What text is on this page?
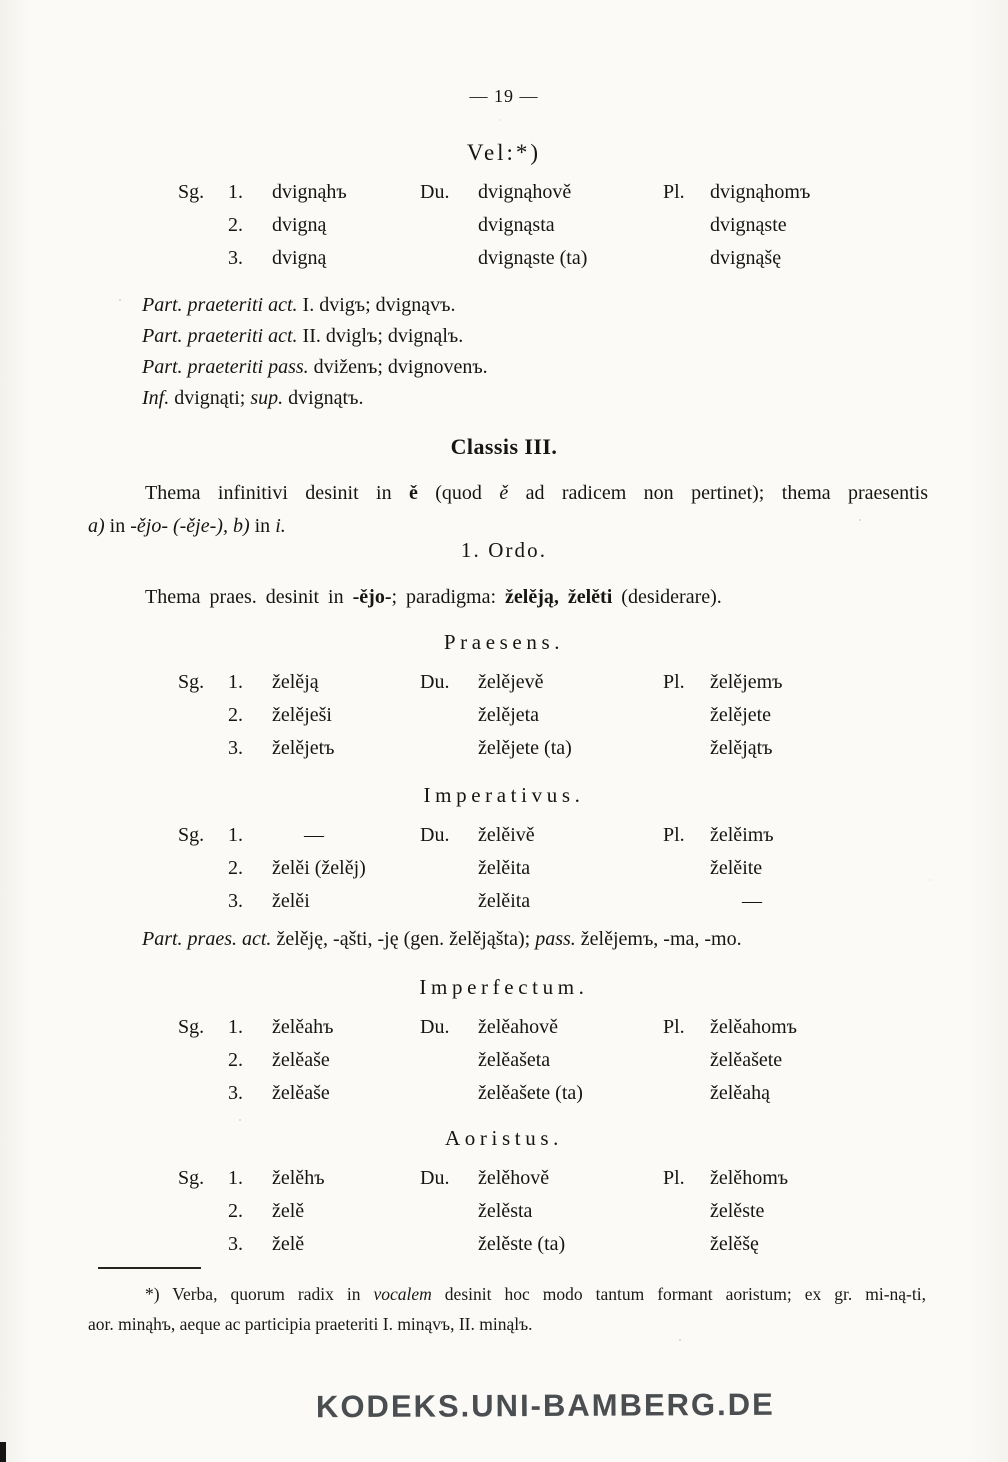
— 19 —
Vel:*)
Sg.	1.	dvignąhъ	Du.	dvignąhově	Pl.	dvignąhomъ
2.	dvigną	dvignąsta	dvignąste
3.	dvigną	dvignąste (ta)	dvignąšę
Part. praeteriti act. I. dvigъ; dvignąvъ.
Part. praeteriti act. II. dviglъ; dvignąlъ.
Part. praeteriti pass. dviženъ; dvignovenъ.
Inf. dvignąti; sup. dvignątъ.
Classis III.
Thema infinitivi desinit in ě (quod ě ad radicem non pertinet); thema praesentis
a) in -ějo- (-ěje-), b) in i.
1. Ordo.
Thema praes. desinit in -ějo-; paradigma: želěją, želěti (desiderare).
Praesens.
Sg.	1.	želěją	Du.	želějevě	Pl.	želějemъ
2.	želěješi	želějeta	želějete
3.	želějetъ	želějete (ta)	želějątъ
Imperativus.
Sg.	1.	—	Du.	želěivě	Pl.	želěimъ
2.	želěi (želěj)	želěita	želěite
3.	želěi	želěita	—
Part. praes. act. želěję, -ąšti, -ję (gen. želějąšta); pass. želějemъ, -ma, -mo.
Imperfectum.
Sg.	1.	želěahъ	Du.	želěahově	Pl.	želěahomъ
2.	želěaše	želěašeta	želěašete
3.	želěaše	želěašete (ta)	želěahą
Aoristus.
Sg.	1.	želěhъ	Du.	želěhově	Pl.	želěhomъ
2.	želě	želěsta	želěste
3.	želě	želěste (ta)	želěšę
*) Verba, quorum radix in vocalem desinit hoc modo tantum formant aoristum; ex gr. mi-ną-ti,
aor. minąhъ, aeque ac participia praeteriti I. minąvъ, II. minąlъ.
KODEKS.UNI-BAMBERG.DE
